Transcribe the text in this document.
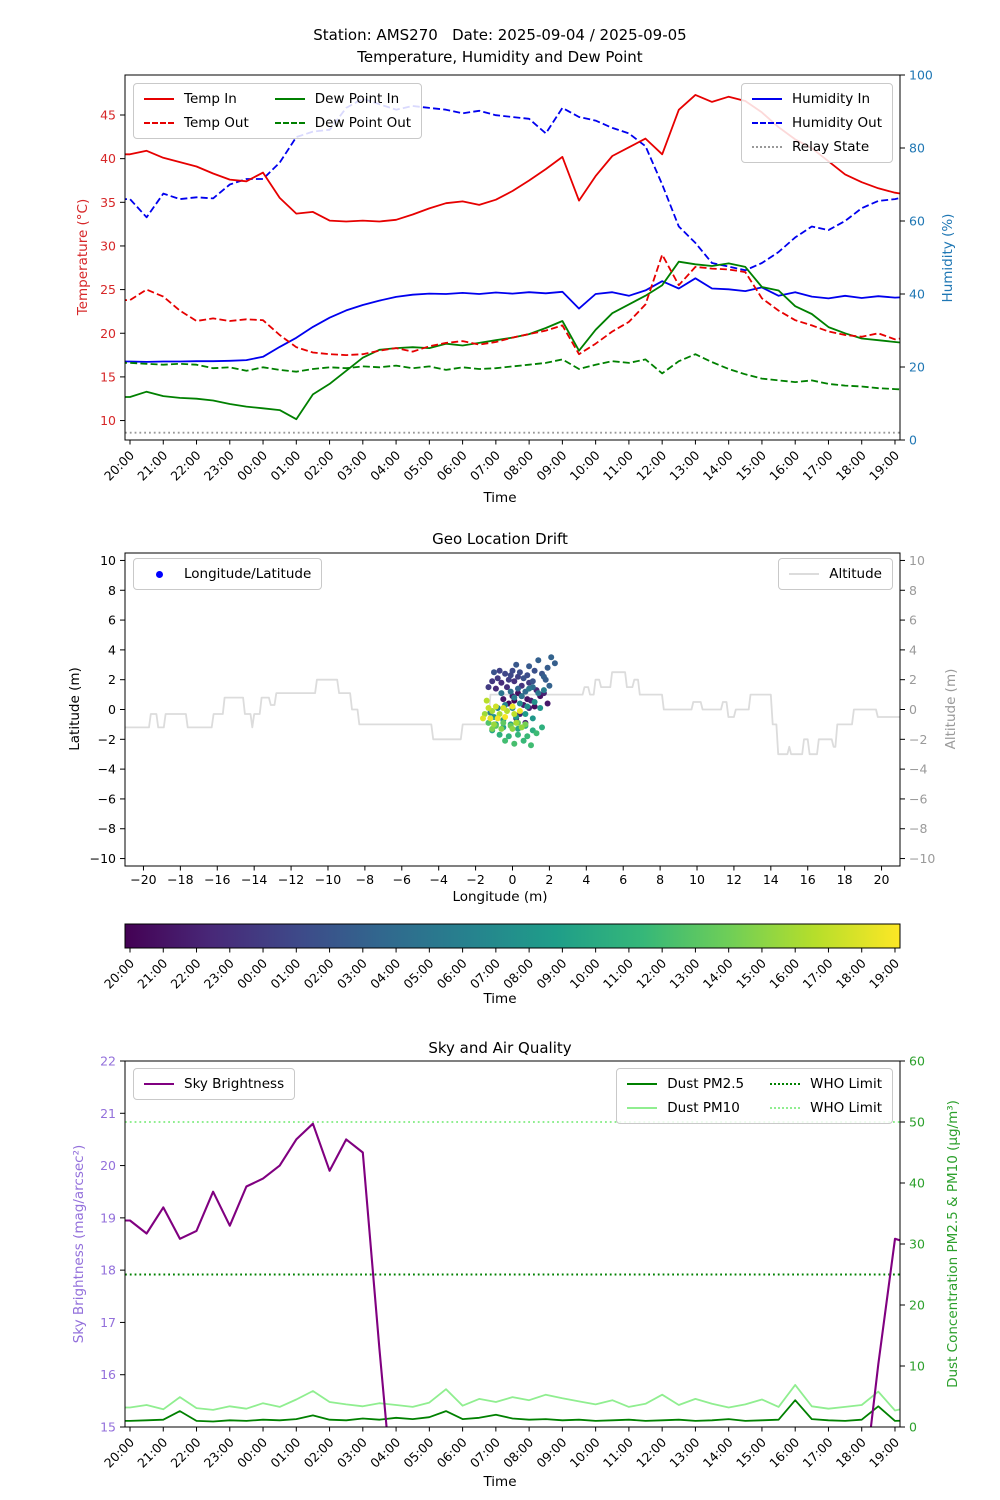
10
15
20
25
30
35
40
45
0
20
40
60
80
100
20:00
21:00
22:00
23:00
00:00
01:00
02:00
03:00
04:00
05:00
06:00
07:00
08:00
09:00
10:00
11:00
12:00
13:00
14:00
15:00
16:00
17:00
18:00
19:00
−10
−8
−6
−4
−2
0
2
4
6
8
10
−10
−8
−6
−4
−2
0
2
4
6
8
10
−20 −18 −16 −14 −12 −10 −8 −6 −4 −2 0 2 4 6 8 10 12 14 16 18 20
20:00
21:00
22:00
23:00
00:00
01:00
02:00
03:00
04:00
05:00
06:00
07:00
08:00
09:00
10:00
11:00
12:00
13:00
14:00
15:00
16:00
17:00
18:00
19:00
15
16
17
18
19
20
21
22
0
10
20
30
40
50
60
20:00
21:00
22:00
23:00
00:00
01:00
02:00
03:00
04:00
05:00
06:00
07:00
08:00
09:00
10:00
11:00
12:00
13:00
14:00
15:00
16:00
17:00
18:00
19:00
Station: AMS270   Date: 2025-09-04 / 2025-09-05
Temperature, Humidity and Dew Point
Geo Location Drift
Sky and Air Quality
Temperature (°C)	Humidity (%)
Time
Latitude (m)	Altitude (m)
Longitude (m)
Time
Sky Brightness (mag/arcsec²)	Dust Concentration PM2.5 & PM10 (µg/m³)
Time
Temp In
Temp Out
Dew Point In
Dew Point Out
Humidity In
Humidity Out
Relay State
Longitude/Latitude	Altitude
Sky Brightness	Dust PM2.5
Dust PM10
WHO Limit
WHO Limit
